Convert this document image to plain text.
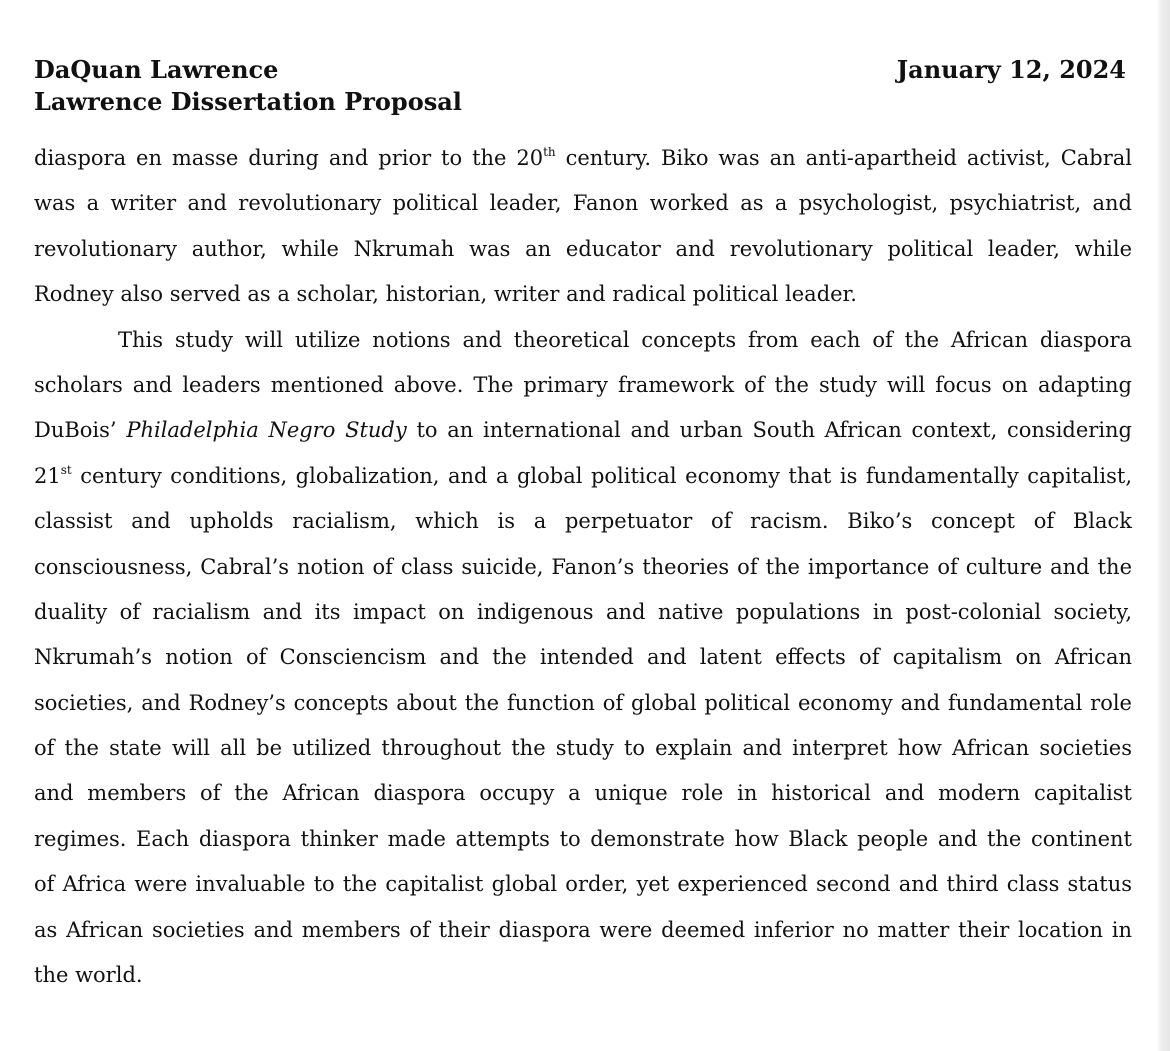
DaQuan Lawrence

Lawrence Dissertation Proposal

January 12, 2024

diaspora en masse during and prior to the 20th century. Biko was an anti-apartheid activist, Cabral
was a writer and revolutionary political leader, Fanon worked as a psychologist, psychiatrist, and
revolutionary author, while Nkrumah was an educator and revolutionary political leader, while
Rodney also served as a scholar, historian, writer and radical political leader.
This study will utilize notions and theoretical concepts from each of the African diaspora
scholars and leaders mentioned above. The primary framework of the study will focus on adapting
DuBois’ Philadelphia Negro Study to an international and urban South African context, considering
21st century conditions, globalization, and a global political economy that is fundamentally capitalist,
classist and upholds racialism, which is a perpetuator of racism. Biko’s concept of Black
consciousness, Cabral’s notion of class suicide, Fanon’s theories of the importance of culture and the
duality of racialism and its impact on indigenous and native populations in post-colonial society,
Nkrumah’s notion of Consciencism and the intended and latent effects of capitalism on African
societies, and Rodney’s concepts about the function of global political economy and fundamental role
of the state will all be utilized throughout the study to explain and interpret how African societies
and members of the African diaspora occupy a unique role in historical and modern capitalist
regimes. Each diaspora thinker made attempts to demonstrate how Black people and the continent
of Africa were invaluable to the capitalist global order, yet experienced second and third class status
as African societies and members of their diaspora were deemed inferior no matter their location in
the world.
